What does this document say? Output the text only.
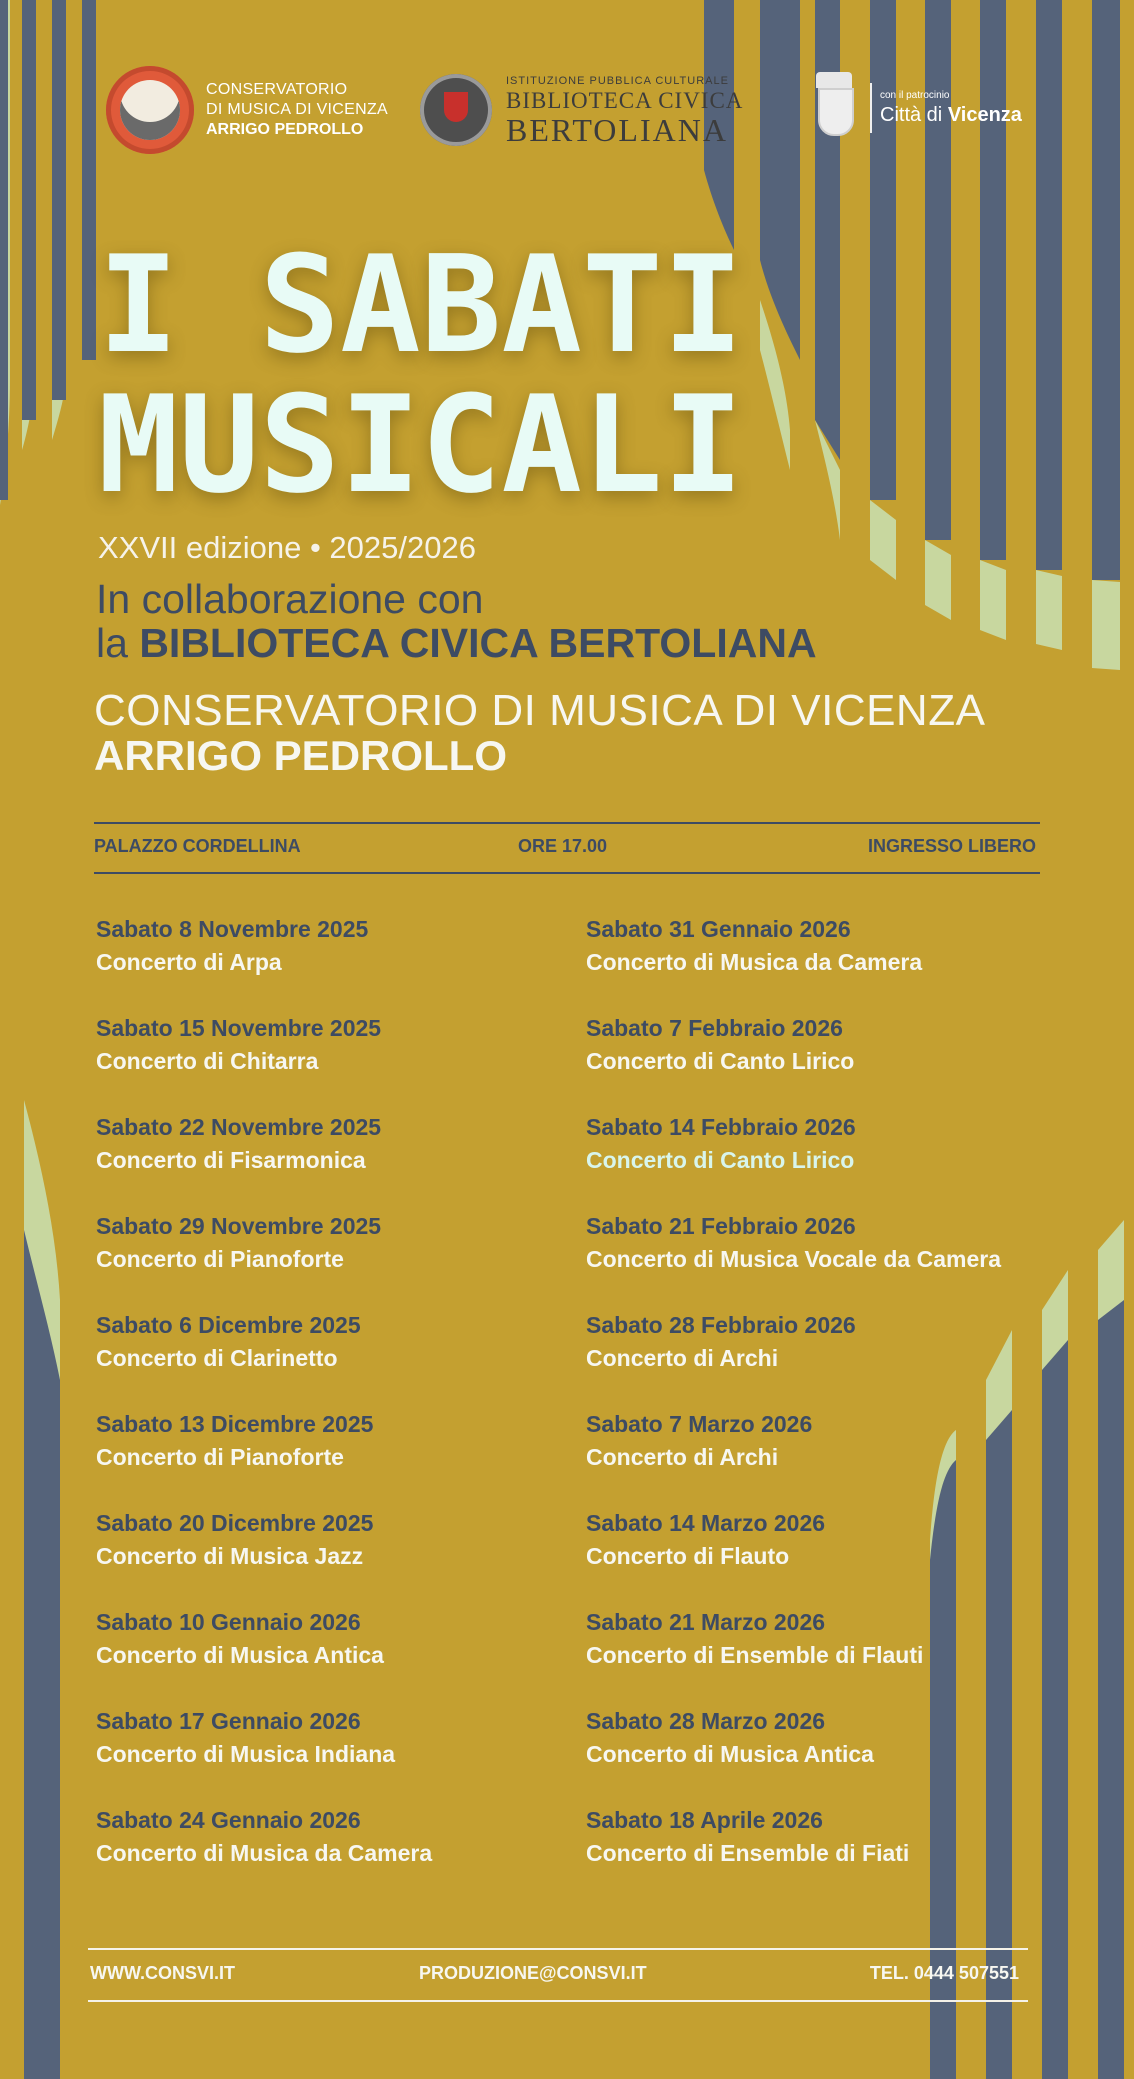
CONSERVATORIO
DI MUSICA DI VICENZA
ARRIGO PEDROLLO
ISTITUZIONE PUBBLICA CULTURALE
BIBLIOTECA CIVICA
BERTOLIANA
con il patrocinio
Città di Vicenza
I SABATI
MUSICALI
XXVII edizione • 2025/2026
In collaborazione con
la BIBLIOTECA CIVICA BERTOLIANA
CONSERVATORIO DI MUSICA DI VICENZA
ARRIGO PEDROLLO
PALAZZO CORDELLINA	ORE 17.00	INGRESSO LIBERO
Sabato 8 Novembre 2025
Concerto di Arpa
Sabato 15 Novembre 2025
Concerto di Chitarra
Sabato 22 Novembre 2025
Concerto di Fisarmonica
Sabato 29 Novembre 2025
Concerto di Pianoforte
Sabato 6 Dicembre 2025
Concerto di Clarinetto
Sabato 13 Dicembre 2025
Concerto di Pianoforte
Sabato 20 Dicembre 2025
Concerto di Musica Jazz
Sabato 10 Gennaio 2026
Concerto di Musica Antica
Sabato 17 Gennaio 2026
Concerto di Musica Indiana
Sabato 24 Gennaio 2026
Concerto di Musica da Camera
Sabato 31 Gennaio 2026
Concerto di Musica da Camera
Sabato 7 Febbraio 2026
Concerto di Canto Lirico
Sabato 14 Febbraio 2026
Concerto di Canto Lirico
Sabato 21 Febbraio 2026
Concerto di Musica Vocale da Camera
Sabato 28 Febbraio 2026
Concerto di Archi
Sabato 7 Marzo 2026
Concerto di Archi
Sabato 14 Marzo 2026
Concerto di Flauto
Sabato 21 Marzo 2026
Concerto di Ensemble di Flauti
Sabato 28 Marzo 2026
Concerto di Musica Antica
Sabato 18 Aprile 2026
Concerto di Ensemble di Fiati
WWW.CONSVI.IT	PRODUZIONE@CONSVI.IT	TEL. 0444 507551
